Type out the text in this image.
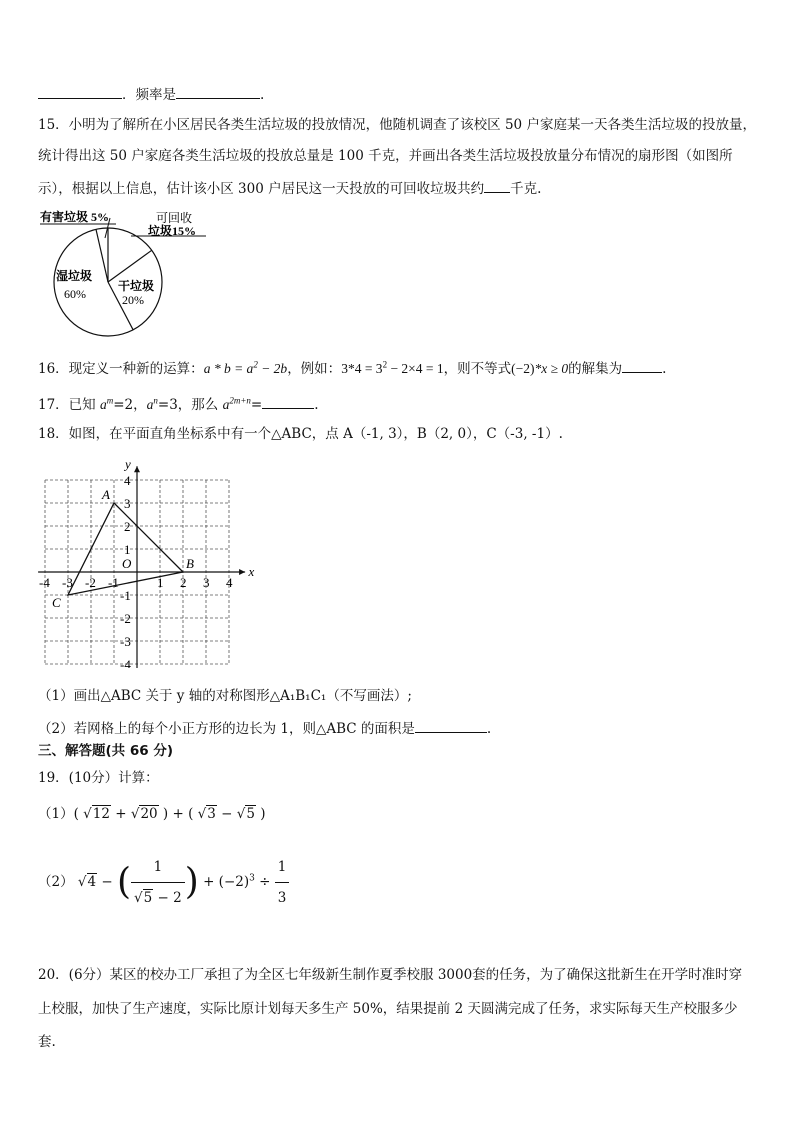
．频率是	.
15．小明为了解所在小区居民各类生活垃圾的投放情况，他随机调查了该校区 50 户家庭某一天各类生活垃圾的投放量，
统计得出这 50 户家庭各类生活垃圾的投放总量是 100 千克，并画出各类生活垃圾投放量分布情况的扇形图（如图所
示），根据以上信息，估计该小区 300 户居民这一天投放的可回收垃圾共约 千克.
有害垃圾 5%	可回收
垃圾15%
湿垃圾
60%
干垃圾
20%
16．现定义一种新的运算：$a * b = a^2 - 2b$，例如：$3*4 = 3^2 - 2\times 4 = 1$，则不等式(−2)*x ≥ 0的解集为	.
17．已知 $a^m=2$，$a^n=3$，那么 $a^{2m+n}=$	.
18．如图，在平面直角坐标系中有一个△ABC，点 A（-1, 3），B（2, 0），C（-3, -1）.
x
y
O
-4 -3 -2 -1	1 2 3 4
4
3
2
1
-1
-2
-3
-4
A
B
C
（1）画出△ABC 关于 y 轴的对称图形△A₁B₁C₁（不写画法）;
（2）若网格上的每个小正方形的边长为 1，则△ABC 的面积是	.
三、解答题(共 66 分)
19．(10分）计算：
（1）( √12 + √20 ) + ( √3 − √5 )
（2） √4 − ( $\frac{1}{√5 - 2}$ ) + $(-2)^3 \div \frac{1}{3}$
20．(6分）某区的校办工厂承担了为全区七年级新生制作夏季校服 3000套的任务，为了确保这批新生在开学时准时穿
上校服，加快了生产速度，实际比原计划每天多生产 50%，结果提前 2 天圆满完成了任务，求实际每天生产校服多少
套.
